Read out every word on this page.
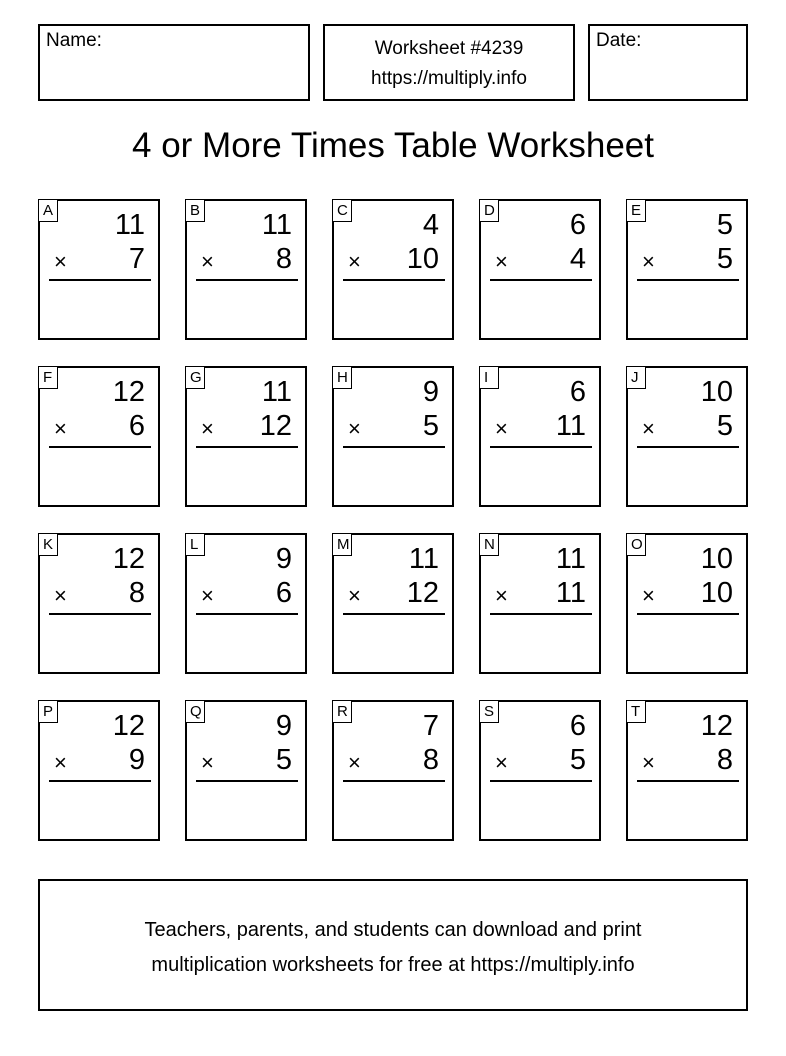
Name:	Worksheet #4239
https://multiply.info
Date:
4 or More Times Table Worksheet
A 11
× 7
B 11
× 8
C	4
× 10
D	6
× 4
E	5
× 5
F 12
× 6
G 11
× 12
H	9
× 5
I	6
× 11
J 10
× 5
K 12
× 8
L	9
× 6
M 11
× 12
N 11
× 11
O 10
× 10
P 12
× 9
Q	9
× 5
R	7
× 8
S	6
× 5
T 12
× 8
Teachers, parents, and students can download and print
multiplication worksheets for free at https://multiply.info
